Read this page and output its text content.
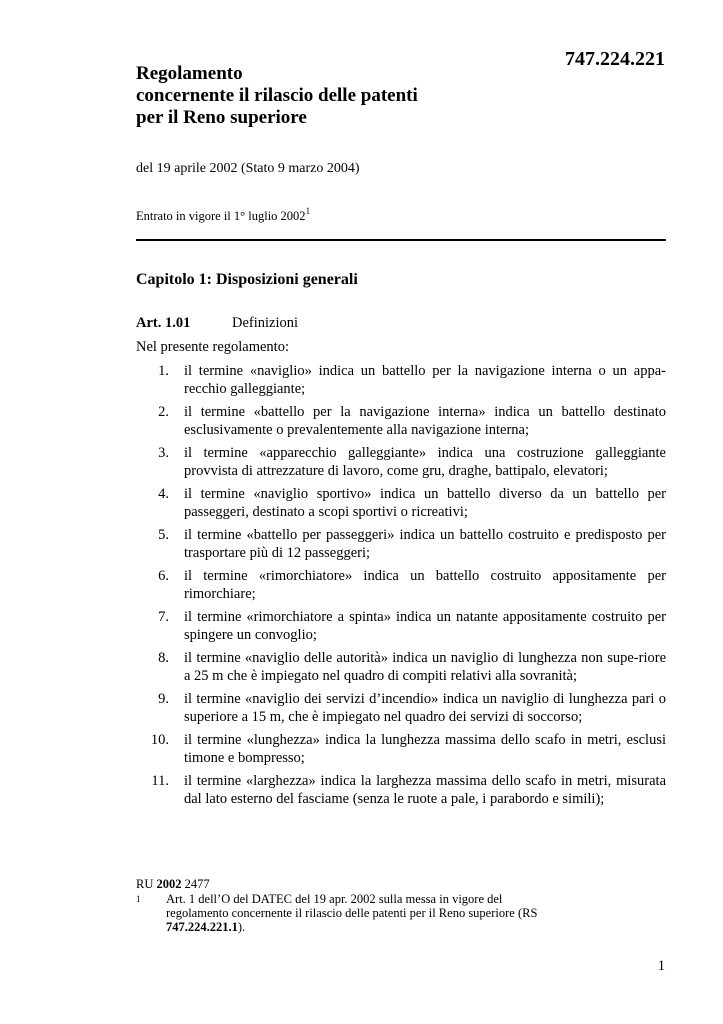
747.224.221
Regolamento
concernente il rilascio delle patenti
per il Reno superiore
del 19 aprile 2002 (Stato 9 marzo 2004)
Entrato in vigore il 1° luglio 2002$^1$
Capitolo 1: Disposizioni generali
Art. 1.01	Definizioni
Nel presente regolamento:
1. il termine «naviglio» indica un battello per la navigazione interna o un appa-recchio galleggiante;
2. il termine «battello per la navigazione interna» indica un battello destinato esclusivamente o prevalentemente alla navigazione interna;
3. il termine «apparecchio galleggiante» indica una costruzione galleggiante provvista di attrezzature di lavoro, come gru, draghe, battipalo, elevatori;
4. il termine «naviglio sportivo» indica un battello diverso da un battello per passeggeri, destinato a scopi sportivi o ricreativi;
5. il termine «battello per passeggeri» indica un battello costruito e predisposto per trasportare più di 12 passeggeri;
6. il termine «rimorchiatore» indica un battello costruito appositamente per rimorchiare;
7. il termine «rimorchiatore a spinta» indica un natante appositamente costruito per spingere un convoglio;
8. il termine «naviglio delle autorità» indica un naviglio di lunghezza non supe-riore a 25 m che è impiegato nel quadro di compiti relativi alla sovranità;
9. il termine «naviglio dei servizi d’incendio» indica un naviglio di lunghezza pari o superiore a 15 m, che è impiegato nel quadro dei servizi di soccorso;
10. il termine «lunghezza» indica la lunghezza massima dello scafo in metri, esclusi timone e bompresso;
11. il termine «larghezza» indica la larghezza massima dello scafo in metri, misurata dal lato esterno del fasciame (senza le ruote a pale, i parabordo e simili);
RU 2002 2477
1	Art. 1 dell’O del DATEC del 19 apr. 2002 sulla messa in vigore del regolamento concernente il rilascio delle patenti per il Reno superiore (RS 747.224.221.1).
1
